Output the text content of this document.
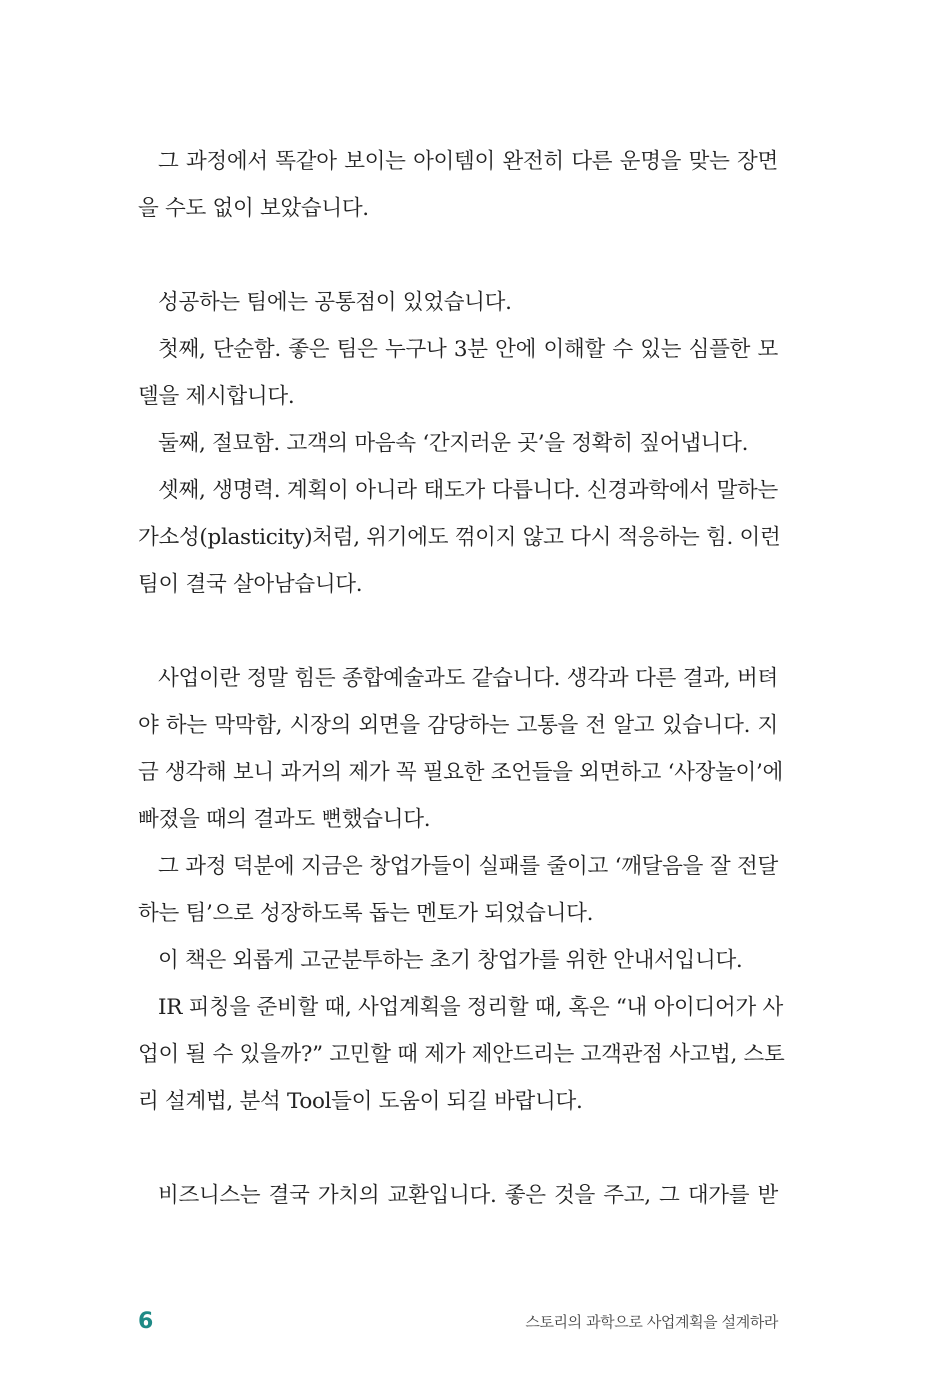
그 과정에서 똑같아 보이는 아이템이 완전히 다른 운명을 맞는 장면
을 수도 없이 보았습니다.
성공하는 팀에는 공통점이 있었습니다.
첫째, 단순함. 좋은 팀은 누구나 3분 안에 이해할 수 있는 심플한 모
델을 제시합니다.
둘째, 절묘함. 고객의 마음속 ‘간지러운 곳’을 정확히 짚어냅니다.
셋째, 생명력. 계획이 아니라 태도가 다릅니다. 신경과학에서 말하는
가소성(plasticity)처럼, 위기에도 꺾이지 않고 다시 적응하는 힘. 이런
팀이 결국 살아남습니다.
사업이란 정말 힘든 종합예술과도 같습니다. 생각과 다른 결과, 버텨
야 하는 막막함, 시장의 외면을 감당하는 고통을 전 알고 있습니다. 지
금 생각해 보니 과거의 제가 꼭 필요한 조언들을 외면하고 ‘사장놀이’에
빠졌을 때의 결과도 뻔했습니다.
그 과정 덕분에 지금은 창업가들이 실패를 줄이고 ‘깨달음을 잘 전달
하는 팀’으로 성장하도록 돕는 멘토가 되었습니다.
이 책은 외롭게 고군분투하는 초기 창업가를 위한 안내서입니다.
IR 피칭을 준비할 때, 사업계획을 정리할 때, 혹은 “내 아이디어가 사
업이 될 수 있을까?” 고민할 때 제가 제안드리는 고객관점 사고법, 스토
리 설계법, 분석 Tool들이 도움이 되길 바랍니다.
비즈니스는 결국 가치의 교환입니다. 좋은 것을 주고, 그 대가를 받
6	스토리의 과학으로 사업계획을 설계하라
